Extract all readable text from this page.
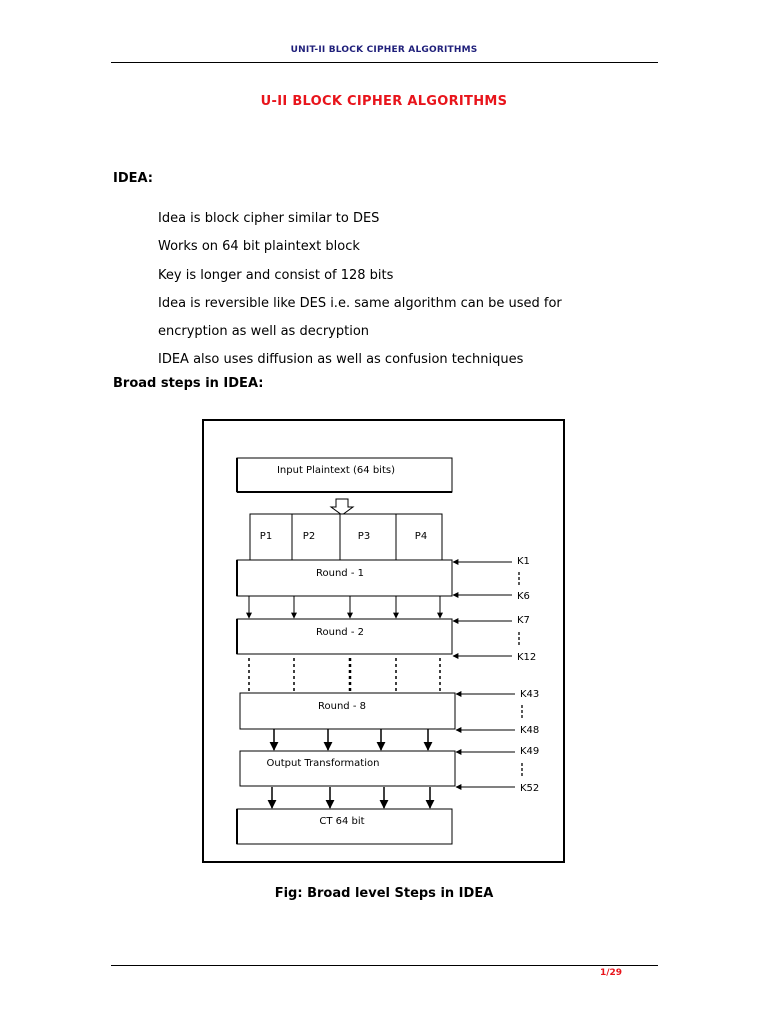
UNIT-II BLOCK CIPHER ALGORITHMS
U-II BLOCK CIPHER ALGORITHMS
IDEA:
Idea is block cipher similar to DES
Works on 64 bit plaintext block
Key is longer and consist of 128 bits
Idea is reversible like DES i.e. same algorithm can be used for
encryption as well as decryption
IDEA also uses diffusion as well as confusion techniques
Broad steps in IDEA:
Input Plaintext (64 bits)
P1	P2	P3	P4
Round - 1
Round - 2
Round - 8
Output Transformation
CT 64 bit
K1
K6
K7
K12
K43
K48
K49
K52
Fig: Broad level Steps in IDEA
1/29
